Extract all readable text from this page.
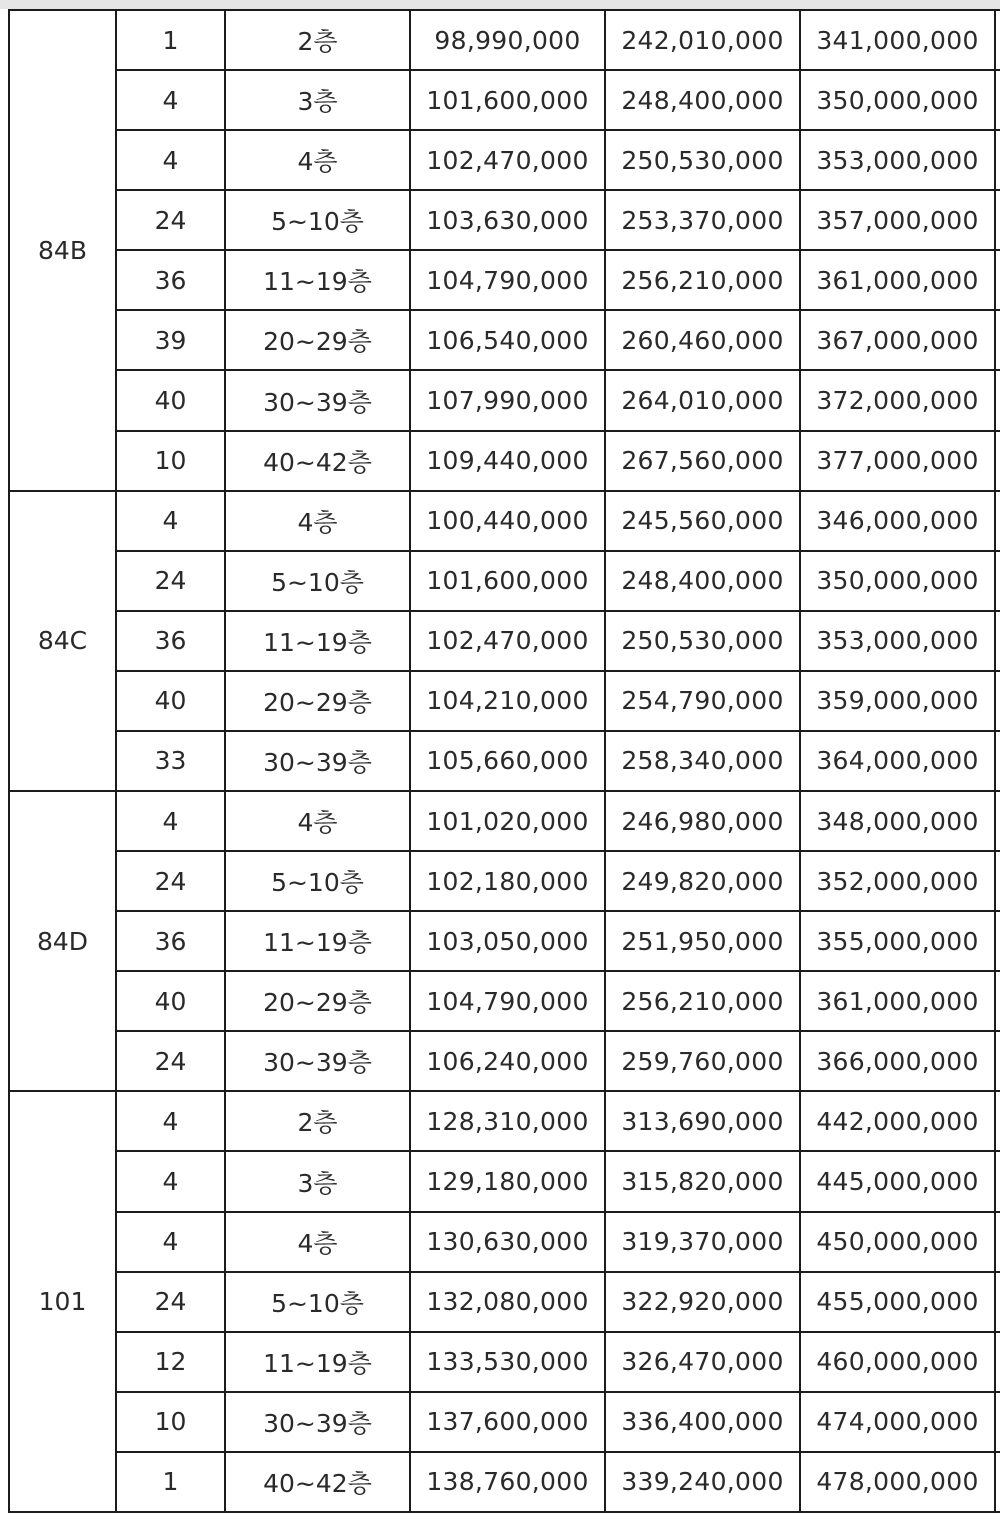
84B	1	2층	98,990,000	242,010,000	341,000,000	
	4	3층	101,600,000	248,400,000	350,000,000	
	4	4층	102,470,000	250,530,000	353,000,000	
	24	5~10층	103,630,000	253,370,000	357,000,000	
	36	11~19층	104,790,000	256,210,000	361,000,000	
	39	20~29층	106,540,000	260,460,000	367,000,000	
	40	30~39층	107,990,000	264,010,000	372,000,000	
	10	40~42층	109,440,000	267,560,000	377,000,000	
84C	4	4층	100,440,000	245,560,000	346,000,000	
	24	5~10층	101,600,000	248,400,000	350,000,000	
	36	11~19층	102,470,000	250,530,000	353,000,000	
	40	20~29층	104,210,000	254,790,000	359,000,000	
	33	30~39층	105,660,000	258,340,000	364,000,000	
84D	4	4층	101,020,000	246,980,000	348,000,000	
	24	5~10층	102,180,000	249,820,000	352,000,000	
	36	11~19층	103,050,000	251,950,000	355,000,000	
	40	20~29층	104,790,000	256,210,000	361,000,000	
	24	30~39층	106,240,000	259,760,000	366,000,000	
101	4	2층	128,310,000	313,690,000	442,000,000	
	4	3층	129,180,000	315,820,000	445,000,000	
	4	4층	130,630,000	319,370,000	450,000,000	
	24	5~10층	132,080,000	322,920,000	455,000,000	
	12	11~19층	133,530,000	326,470,000	460,000,000	
	10	30~39층	137,600,000	336,400,000	474,000,000	
	1	40~42층	138,760,000	339,240,000	478,000,000	
